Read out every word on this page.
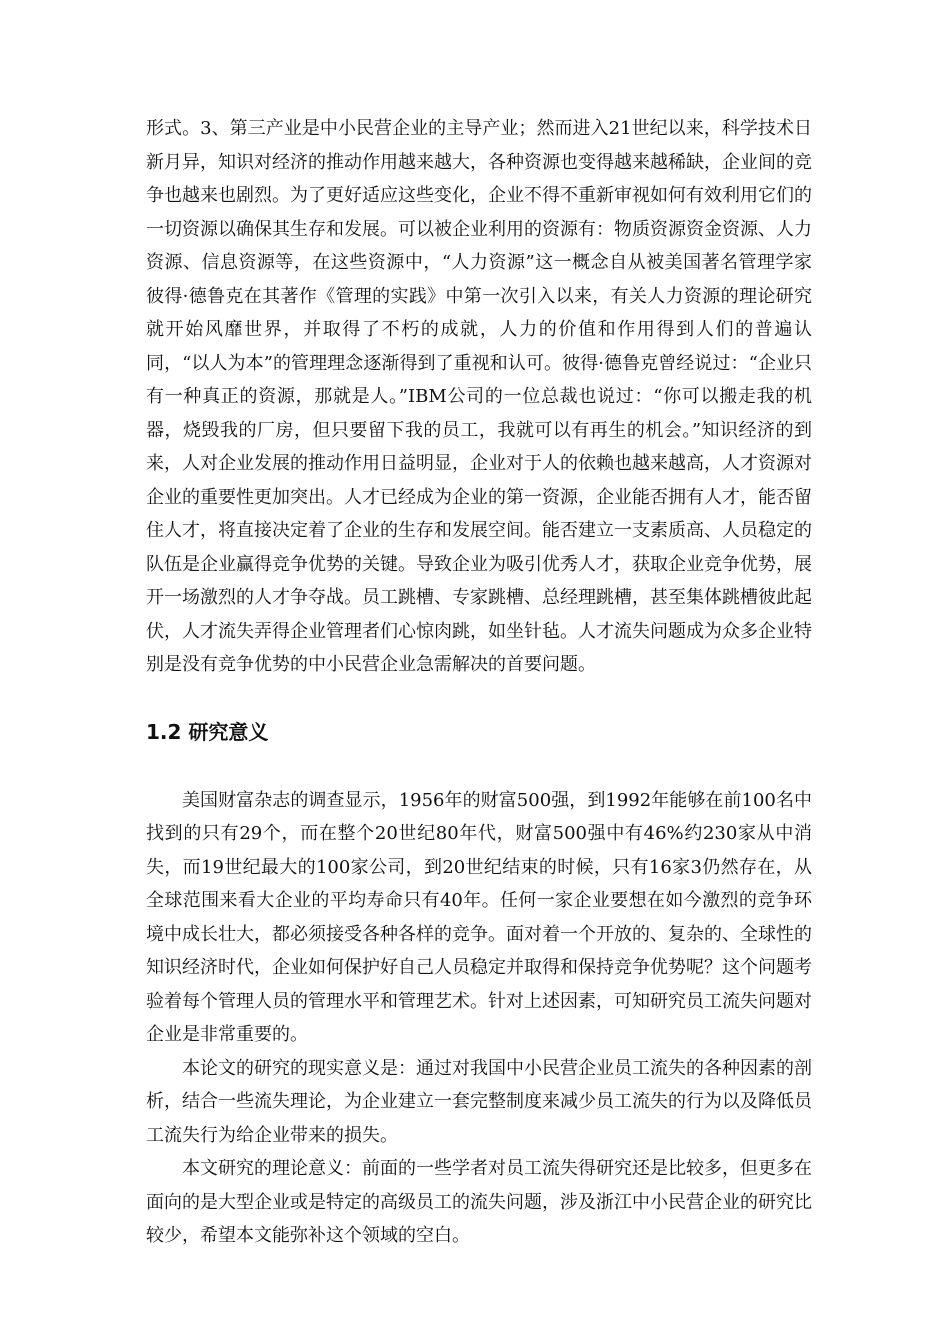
形式。3、第三产业是中小民营企业的主导产业；然而进入21世纪以来，科学技术日新月异，知识对经济的推动作用越来越大，各种资源也变得越来越稀缺，企业间的竞争也越来也剧烈。为了更好适应这些变化，企业不得不重新审视如何有效利用它们的一切资源以确保其生存和发展。可以被企业利用的资源有：物质资源资金资源、人力资源、信息资源等，在这些资源中，“人力资源”这一概念自从被美国著名管理学家彼得·德鲁克在其著作《管理的实践》中第一次引入以来，有关人力资源的理论研究就开始风靡世界，并取得了不朽的成就，人力的价值和作用得到人们的普遍认同，“以人为本”的管理理念逐渐得到了重视和认可。彼得·德鲁克曾经说过：“企业只有一种真正的资源，那就是人。”IBM公司的一位总裁也说过：“你可以搬走我的机器，烧毁我的厂房，但只要留下我的员工，我就可以有再生的机会。”知识经济的到来，人对企业发展的推动作用日益明显，企业对于人的依赖也越来越高，人才资源对企业的重要性更加突出。人才已经成为企业的第一资源，企业能否拥有人才，能否留住人才，将直接决定着了企业的生存和发展空间。能否建立一支素质高、人员稳定的队伍是企业赢得竞争优势的关键。导致企业为吸引优秀人才，获取企业竞争优势，展开一场激烈的人才争夺战。员工跳槽、专家跳槽、总经理跳槽，甚至集体跳槽彼此起伏，人才流失弄得企业管理者们心惊肉跳，如坐针毡。人才流失问题成为众多企业特别是没有竞争优势的中小民营企业急需解决的首要问题。

1.2 研究意义

美国财富杂志的调查显示，1956年的财富500强，到1992年能够在前100名中找到的只有29个，而在整个20世纪80年代，财富500强中有46%约230家从中消失，而19世纪最大的100家公司，到20世纪结束的时候，只有16家3仍然存在，从全球范围来看大企业的平均寿命只有40年。任何一家企业要想在如今激烈的竞争环境中成长壮大，都必须接受各种各样的竞争。面对着一个开放的、复杂的、全球性的知识经济时代，企业如何保护好自己人员稳定并取得和保持竞争优势呢？这个问题考验着每个管理人员的管理水平和管理艺术。针对上述因素，可知研究员工流失问题对企业是非常重要的。

本论文的研究的现实意义是：通过对我国中小民营企业员工流失的各种因素的剖析，结合一些流失理论，为企业建立一套完整制度来减少员工流失的行为以及降低员工流失行为给企业带来的损失。

本文研究的理论意义：前面的一些学者对员工流失得研究还是比较多，但更多在面向的是大型企业或是特定的高级员工的流失问题，涉及浙江中小民营企业的研究比较少，希望本文能弥补这个领域的空白。
